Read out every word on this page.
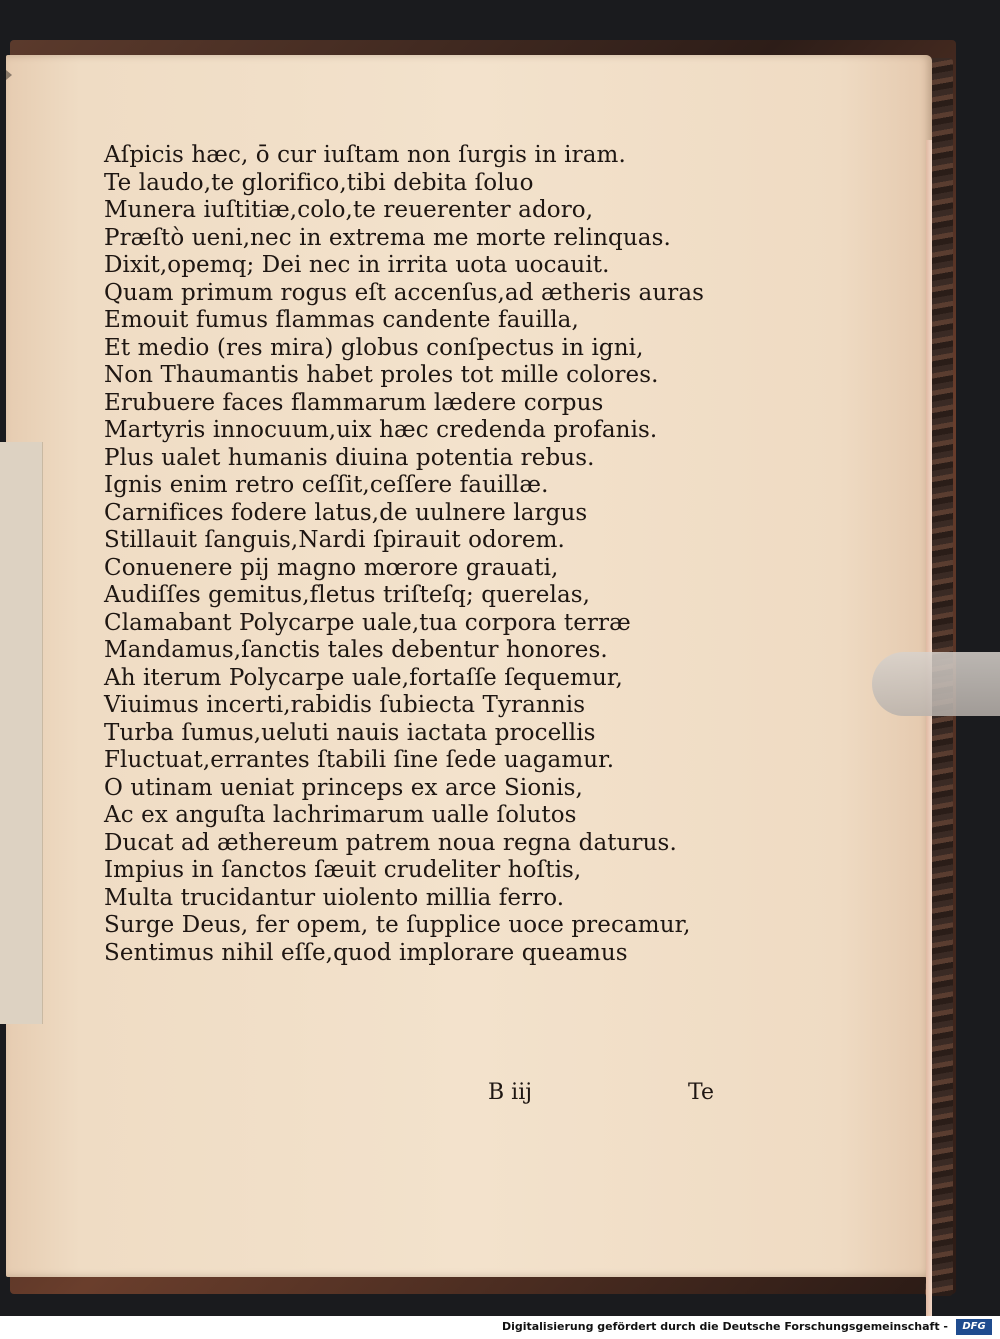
Aſpicis hæc, ō cur iuſtam non ſurgis in iram.
Te laudo,te glorifico,tibi debita ſoluo
Munera iuſtitiæ,colo,te reuerenter adoro,
Præſtò ueni,nec in extrema me morte relinquas.
Dixit,opemq; Dei nec in irrita uota uocauit.
Quam primum rogus eſt accenſus,ad ætheris auras
Emouit fumus flammas candente fauilla,
Et medio (res mira) globus conſpectus in igni,
Non Thaumantis habet proles tot mille colores.
Erubuere faces flammarum lædere corpus
Martyris innocuum,uix hæc credenda profanis.
Plus ualet humanis diuina potentia rebus.
Ignis enim retro ceſſit,ceſſere fauillæ.
Carnifices fodere latus,de uulnere largus
Stillauit ſanguis,Nardi ſpirauit odorem.
Conuenere pij magno mœrore grauati,
Audiſſes gemitus,fletus triſteſq; querelas,
Clamabant Polycarpe uale,tua corpora terræ
Mandamus,ſanctis tales debentur honores.
Ah iterum Polycarpe uale,fortaſſe ſequemur,
Viuimus incerti,rabidis ſubiecta Tyrannis
Turba ſumus,ueluti nauis iactata procellis
Fluctuat,errantes ſtabili ſine ſede uagamur.
O utinam ueniat princeps ex arce Sionis,
Ac ex anguſta lachrimarum ualle ſolutos
Ducat ad æthereum patrem noua regna daturus.
Impius in ſanctos ſæuit crudeliter hoſtis,
Multa trucidantur uiolento millia ferro.
Surge Deus, fer opem, te ſupplice uoce precamur,
Sentimus nihil eſſe,quod implorare queamus
B iij	Te
Digitalisierung gefördert durch die Deutsche Forschungsgemeinschaft -	DFG
